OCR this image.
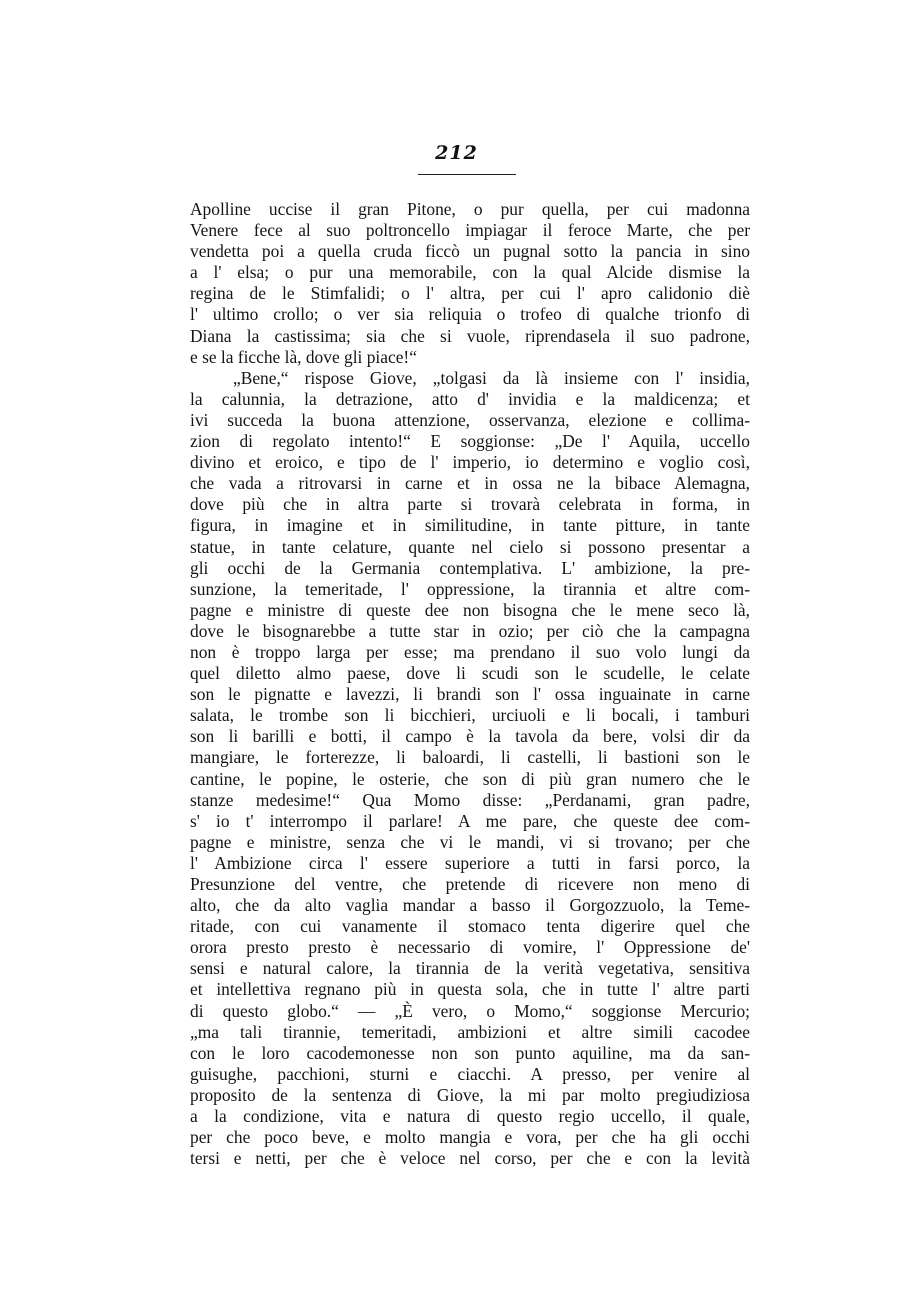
212
Apolline uccise il gran Pitone, o pur quella, per cui madonna
Venere fece al suo poltroncello impiagar il feroce Marte, che per
vendetta poi a quella cruda ficcò un pugnal sotto la pancia in sino
a l' elsa; o pur una memorabile, con la qual Alcide dismise la
regina de le Stimfalidi; o l' altra, per cui l' apro calidonio diè
l' ultimo crollo; o ver sia reliquia o trofeo di qualche trionfo di
Diana la castissima; sia che si vuole, riprendasela il suo padrone,
e se la ficche là, dove gli piace!“
„Bene,“ rispose Giove, „tolgasi da là insieme con l' insidia,
la calunnia, la detrazione, atto d' invidia e la maldicenza; et
ivi succeda la buona attenzione, osservanza, elezione e collima-
zion di regolato intento!“ E soggionse: „De l' Aquila, uccello
divino et eroico, e tipo de l' imperio, io determino e voglio così,
che vada a ritrovarsi in carne et in ossa ne la bibace Alemagna,
dove più che in altra parte si trovarà celebrata in forma, in
figura, in imagine et in similitudine, in tante pitture, in tante
statue, in tante celature, quante nel cielo si possono presentar a
gli occhi de la Germania contemplativa. L' ambizione, la pre-
sunzione, la temeritade, l' oppressione, la tirannia et altre com-
pagne e ministre di queste dee non bisogna che le mene seco là,
dove le bisognarebbe a tutte star in ozio; per ciò che la campagna
non è troppo larga per esse; ma prendano il suo volo lungi da
quel diletto almo paese, dove li scudi son le scudelle, le celate
son le pignatte e lavezzi, li brandi son l' ossa inguainate in carne
salata, le trombe son li bicchieri, urciuoli e li bocali, i tamburi
son li barilli e botti, il campo è la tavola da bere, volsi dir da
mangiare, le forterezze, li baloardi, li castelli, li bastioni son le
cantine, le popine, le osterie, che son di più gran numero che le
stanze medesime!“ Qua Momo disse: „Perdanami, gran padre,
s' io t' interrompo il parlare! A me pare, che queste dee com-
pagne e ministre, senza che vi le mandi, vi si trovano; per che
l' Ambizione circa l' essere superiore a tutti in farsi porco, la
Presunzione del ventre, che pretende di ricevere non meno di
alto, che da alto vaglia mandar a basso il Gorgozzuolo, la Teme-
ritade, con cui vanamente il stomaco tenta digerire quel che
orora presto presto è necessario di vomire, l' Oppressione de'
sensi e natural calore, la tirannia de la verità vegetativa, sensitiva
et intellettiva regnano più in questa sola, che in tutte l' altre parti
di questo globo.“ — „È vero, o Momo,“ soggionse Mercurio;
„ma tali tirannie, temeritadi, ambizioni et altre simili cacodee
con le loro cacodemonesse non son punto aquiline, ma da san-
guisughe, pacchioni, sturni e ciacchi. A presso, per venire al
proposito de la sentenza di Giove, la mi par molto pregiudiziosa
a la condizione, vita e natura di questo regio uccello, il quale,
per che poco beve, e molto mangia e vora, per che ha gli occhi
tersi e netti, per che è veloce nel corso, per che e con la levità
